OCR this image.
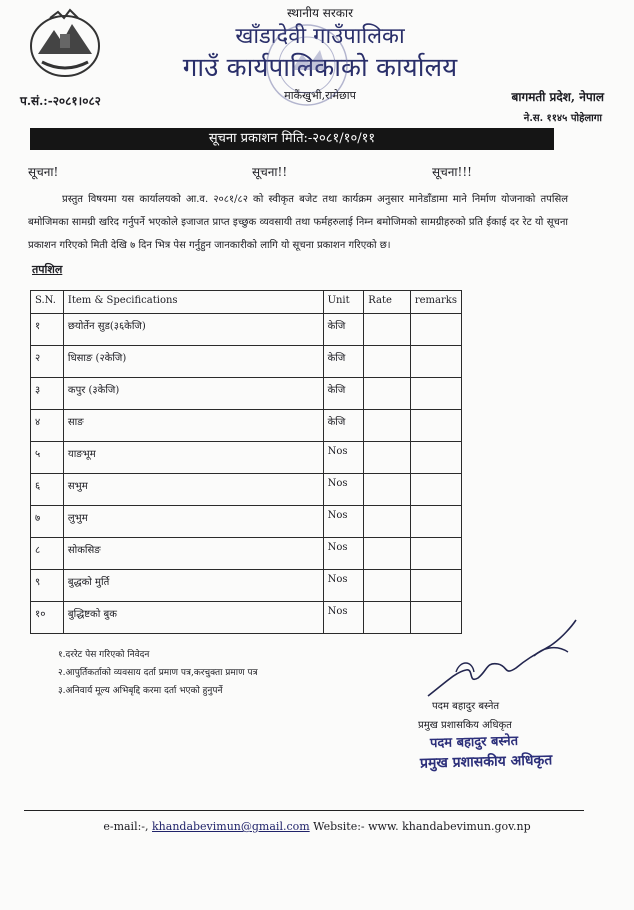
स्थानीय सरकार
खाँडादेवी गाउँपालिका
गाउँ कार्यपालिकाको कार्यालय
माकैंखुभी,रामेछाप
प.सं.:-२०८१।०८२	बागमती प्रदेश, नेपाल
ने.स. ११४५ पोहेलागा
सूचना प्रकाशन मिति:-२०८१/१०/११
सूचना!	सूचना!!	सूचना!!!
प्रस्तुत विषयमा यस कार्यालयको आ.व. २०८१/८२ को स्वीकृत बजेट तथा कार्यक्रम अनुसार मानेडाँडामा माने निर्माण योजनाको तपसिल बमोजिमका सामग्री खरिद गर्नुपर्ने भएकोले इजाजत प्राप्त इच्छुक व्यवसायी तथा फर्महरुलाई निम्न बमोजिमको सामग्रीहरुको प्रति ईकाई दर रेट यो सूचना प्रकाशन गरिएको मिती देखि ७ दिन भित्र पेस गर्नुहुन जानकारीको लागि यो सूचना प्रकाशन गरिएको छ।
तपशिल
S.N.	Item & Specifications	Unit	Rate	remarks
१	छयोर्तेन सुड(३६केजि)	केजि		
२	धिसाङ (२केजि)	केजि		
३	कपुर (३केजि)	केजि		
४	साङ	केजि		
५	याङभूम	Nos		
६	सभुम	Nos		
७	लुभुम	Nos		
८	सोकसिङ	Nos		
९	बुद्धको मुर्ति	Nos		
१०	बुद्धिष्टको बुक	Nos		
१.दररेट पेस गरिएको निवेदन
२.आपुर्तिकर्ताको व्यवसाय दर्ता प्रमाण पत्र,करचुक्ता प्रमाण पत्र
३.अनिवार्य मूल्य अभिबृद्दि करमा दर्ता भएको हुनुपर्ने
पदम बहादुर बस्नेत
प्रमुख प्रशासकिय अधिकृत
पदम बहादुर बस्नेत
प्रमुख प्रशासकीय अधिकृत
e-mail:-, khandabevimun@gmail.com Website:- www. khandabevimun.gov.np
